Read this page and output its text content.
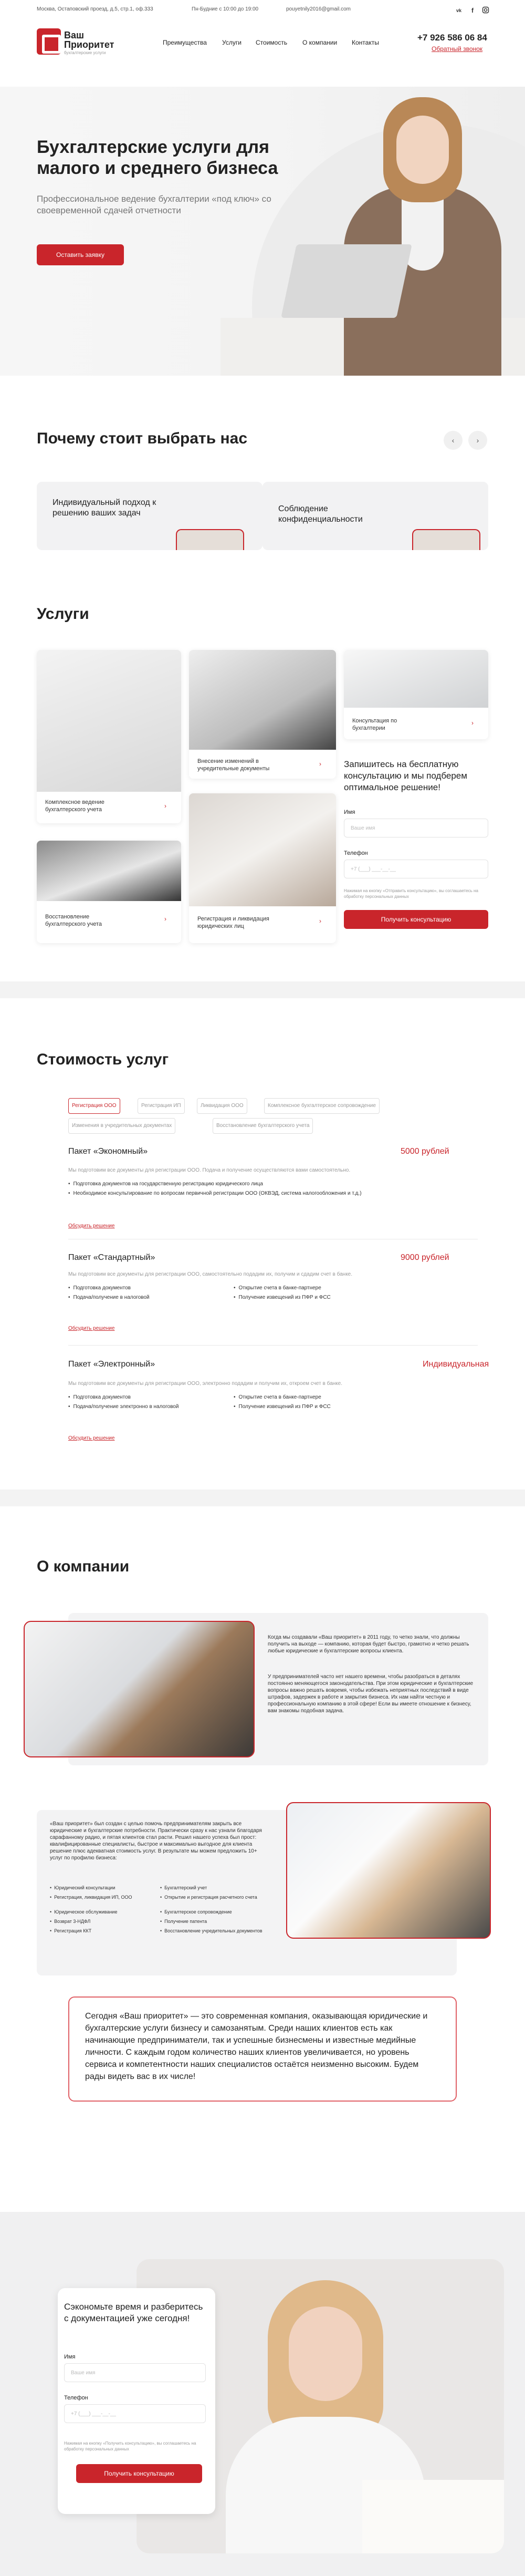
Москва, Остаповский проезд, д.5, стр.1, оф.333	Пн-Будние с 10:00 до 19:00	pouyetnily2016@gmail.com	vk f
Ваш
Приоритет
бухгалтерские услуги
Преимущества Услуги Стоимость О компании Контакты	+7 926 586 06 84
Обратный звонок
Бухгалтерские услуги для малого и среднего бизнеса

Профессиональное ведение бухгалтерии «под ключ» со своевременной сдачей отчетности

Оставить заявку
Почему стоит выбрать нас	‹	›
Индивидуальный подход к решению ваших задач	Соблюдение конфиденциальности
Услуги
Комплексное ведение бухгалтерского учета	›
Внесение изменений в учредительные документы
›
Консультация по бухгалтерии
›
Восстановление бухгалтерского учета
›	Регистрация и ликвидация юридических лиц
›
Запишитесь на бесплатную консультацию и мы подберем оптимальное решение!
Имя
Ваше имя
Телефон
+7 (___) ___-__-__
Нажимая на кнопку «Отправить консультацию», вы соглашаетесь на обработку персональных данных
Получить консультацию
Стоимость услуг
Регистрация ООО	Регистрация ИП	Ликвидация ООО	Комплексное бухгалтерское сопровождение
Изменения в учредительных документах	Восстановление бухгалтерского учета
Пакет «Экономный»	5000 рублей
Мы подготовим все документы для регистрации ООО. Подача и получение осуществляются вами самостоятельно.
• Подготовка документов на государственную регистрацию юридического лица
• Необходимое консультирование по вопросам первичной регистрации ООО (ОКВЭД, система налогообложения и т.д.)
Обсудить решение
Пакет «Стандартный»	9000 рублей
Мы подготовим все документы для регистрации ООО, самостоятельно подадим их, получим и сдадим счет в банке.
• Подготовка документов
• Подача/получение в налоговой
• Открытие счета в банке-партнере
• Получение извещений из ПФР и ФСС
Обсудить решение
Пакет «Электронный»	Индивидуальная
Мы подготовим все документы для регистрации ООО, электронно подадим и получим их, откроем счет в банке.
• Подготовка документов
• Подача/получение электронно в налоговой
• Открытие счета в банке-партнере
• Получение извещений из ПФР и ФСС
Обсудить решение
О компании
Когда мы создавали «Ваш приоритет» в 2011 году, то четко знали, что должны получить на выходе — компанию, которая будет быстро, грамотно и четко решать любые юридические и бухгалтерские вопросы клиента.
У предпринимателей часто нет нашего времени, чтобы разобраться в деталях постоянно меняющегося законодательства. При этом юридические и бухгалтерские вопросы важно решать вовремя, чтобы избежать неприятных последствий в виде штрафов, задержек в работе и закрытия бизнеса. Их нам найти честную и профессиональную компанию в этой сфере! Если вы имеете отношение к бизнесу, вам знакомы подобная задача.
«Ваш приоритет» был создан с целью помочь предпринимателям закрыть все юридические и бухгалтерские потребности. Практически сразу к нас узнали благодаря сарафанному радио, и пятая клиентов стал расти. Решил нашего успеха был прост: квалифицированные специалисты, быстрое и максимально выгодное для клиента решение плюс адекватная стоимость услуг. В результате мы можем предложить 10+ услуг по профилю бизнеса:
• Юридический консультации
• Регистрация, ликвидация ИП, ООО
• Юридическое обслуживание
• Возврат 3-НДФЛ
• Регистрация ККТ
• Бухгалтерский учет
• Открытие и регистрация расчетного счета
• Бухгалтерское сопровождение
• Получение патента
• Восстановление учредительных документов
Сегодня «Ваш приоритет» — это современная компания, оказывающая юридические и бухгалтерские услуги бизнесу и самозанятым. Среди наших клиентов есть как начинающие предприниматели, так и успешные бизнесмены и известные медийные личности. С каждым годом количество наших клиентов увеличивается, но уровень сервиса и компетентности наших специалистов остаётся неизменно высоким. Будем рады видеть вас в их числе!
Сэкономьте время и разберитесь с документацией уже сегодня!
Имя
Ваше имя
Телефон
+7 (___) ___-__-__
Нажимая на кнопку «Получить консультацию», вы соглашаетесь на обработку персональных данных
Получить консультацию
